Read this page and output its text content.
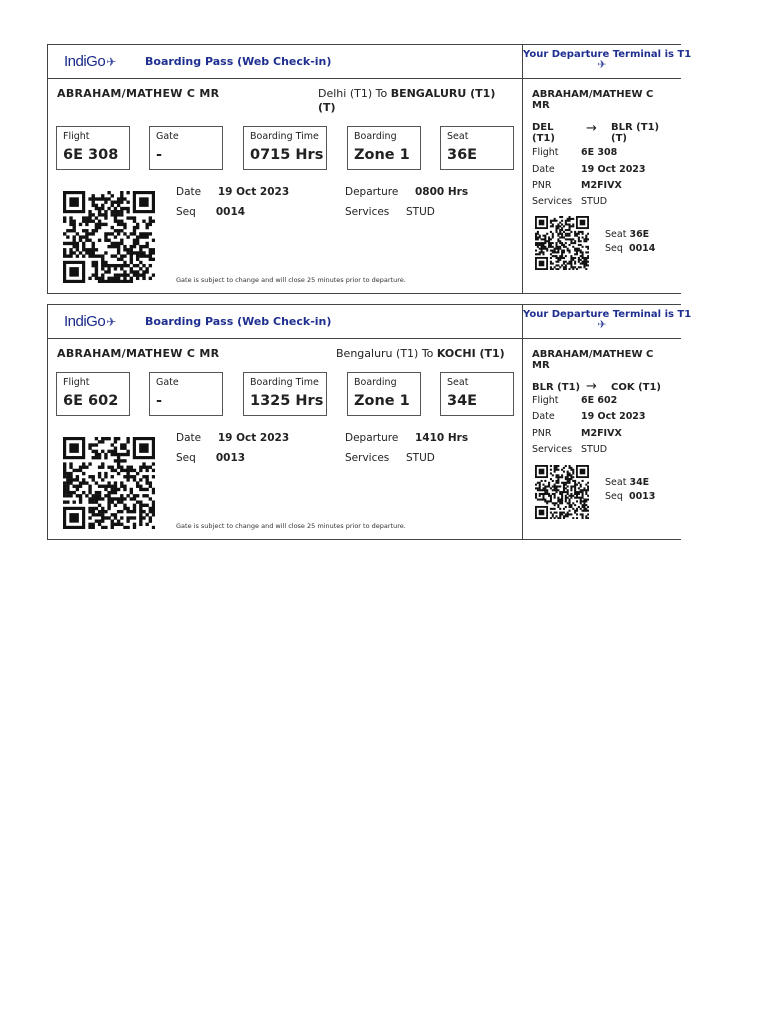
IndiGo✈	Boarding Pass (Web Check-in)
ABRAHAM/MATHEW C MR	Delhi (T1) To BENGALURU (T1)
(T)
Flight
6E 308
Gate
-
Boarding Time
0715 Hrs
Boarding
Zone 1
Seat
36E
Date 19 Oct 2023
Seq 0014
Departure 0800 Hrs
Services STUD
Gate is subject to change and will close 25 minutes prior to departure.
Your Departure Terminal is T1
✈
ABRAHAM/MATHEW C MR
DEL (T1)
→ BLR (T1) (T)
Flight 6E 308
Date	19 Oct 2023
PNR	M2FIVX
Services STUD
Seat 36E
Seq 0014
IndiGo✈	Boarding Pass (Web Check-in)
ABRAHAM/MATHEW C MR	Bengaluru (T1) To KOCHI (T1)
Flight
6E 602
Gate
-
Boarding Time
1325 Hrs
Boarding
Zone 1
Seat
34E
Date 19 Oct 2023
Seq 0013
Departure 1410 Hrs
Services STUD
Gate is subject to change and will close 25 minutes prior to departure.
Your Departure Terminal is T1
✈
ABRAHAM/MATHEW C MR
BLR (T1) → COK (T1)
Flight 6E 602
Date	19 Oct 2023
PNR	M2FIVX
Services STUD
Seat 34E
Seq 0013
